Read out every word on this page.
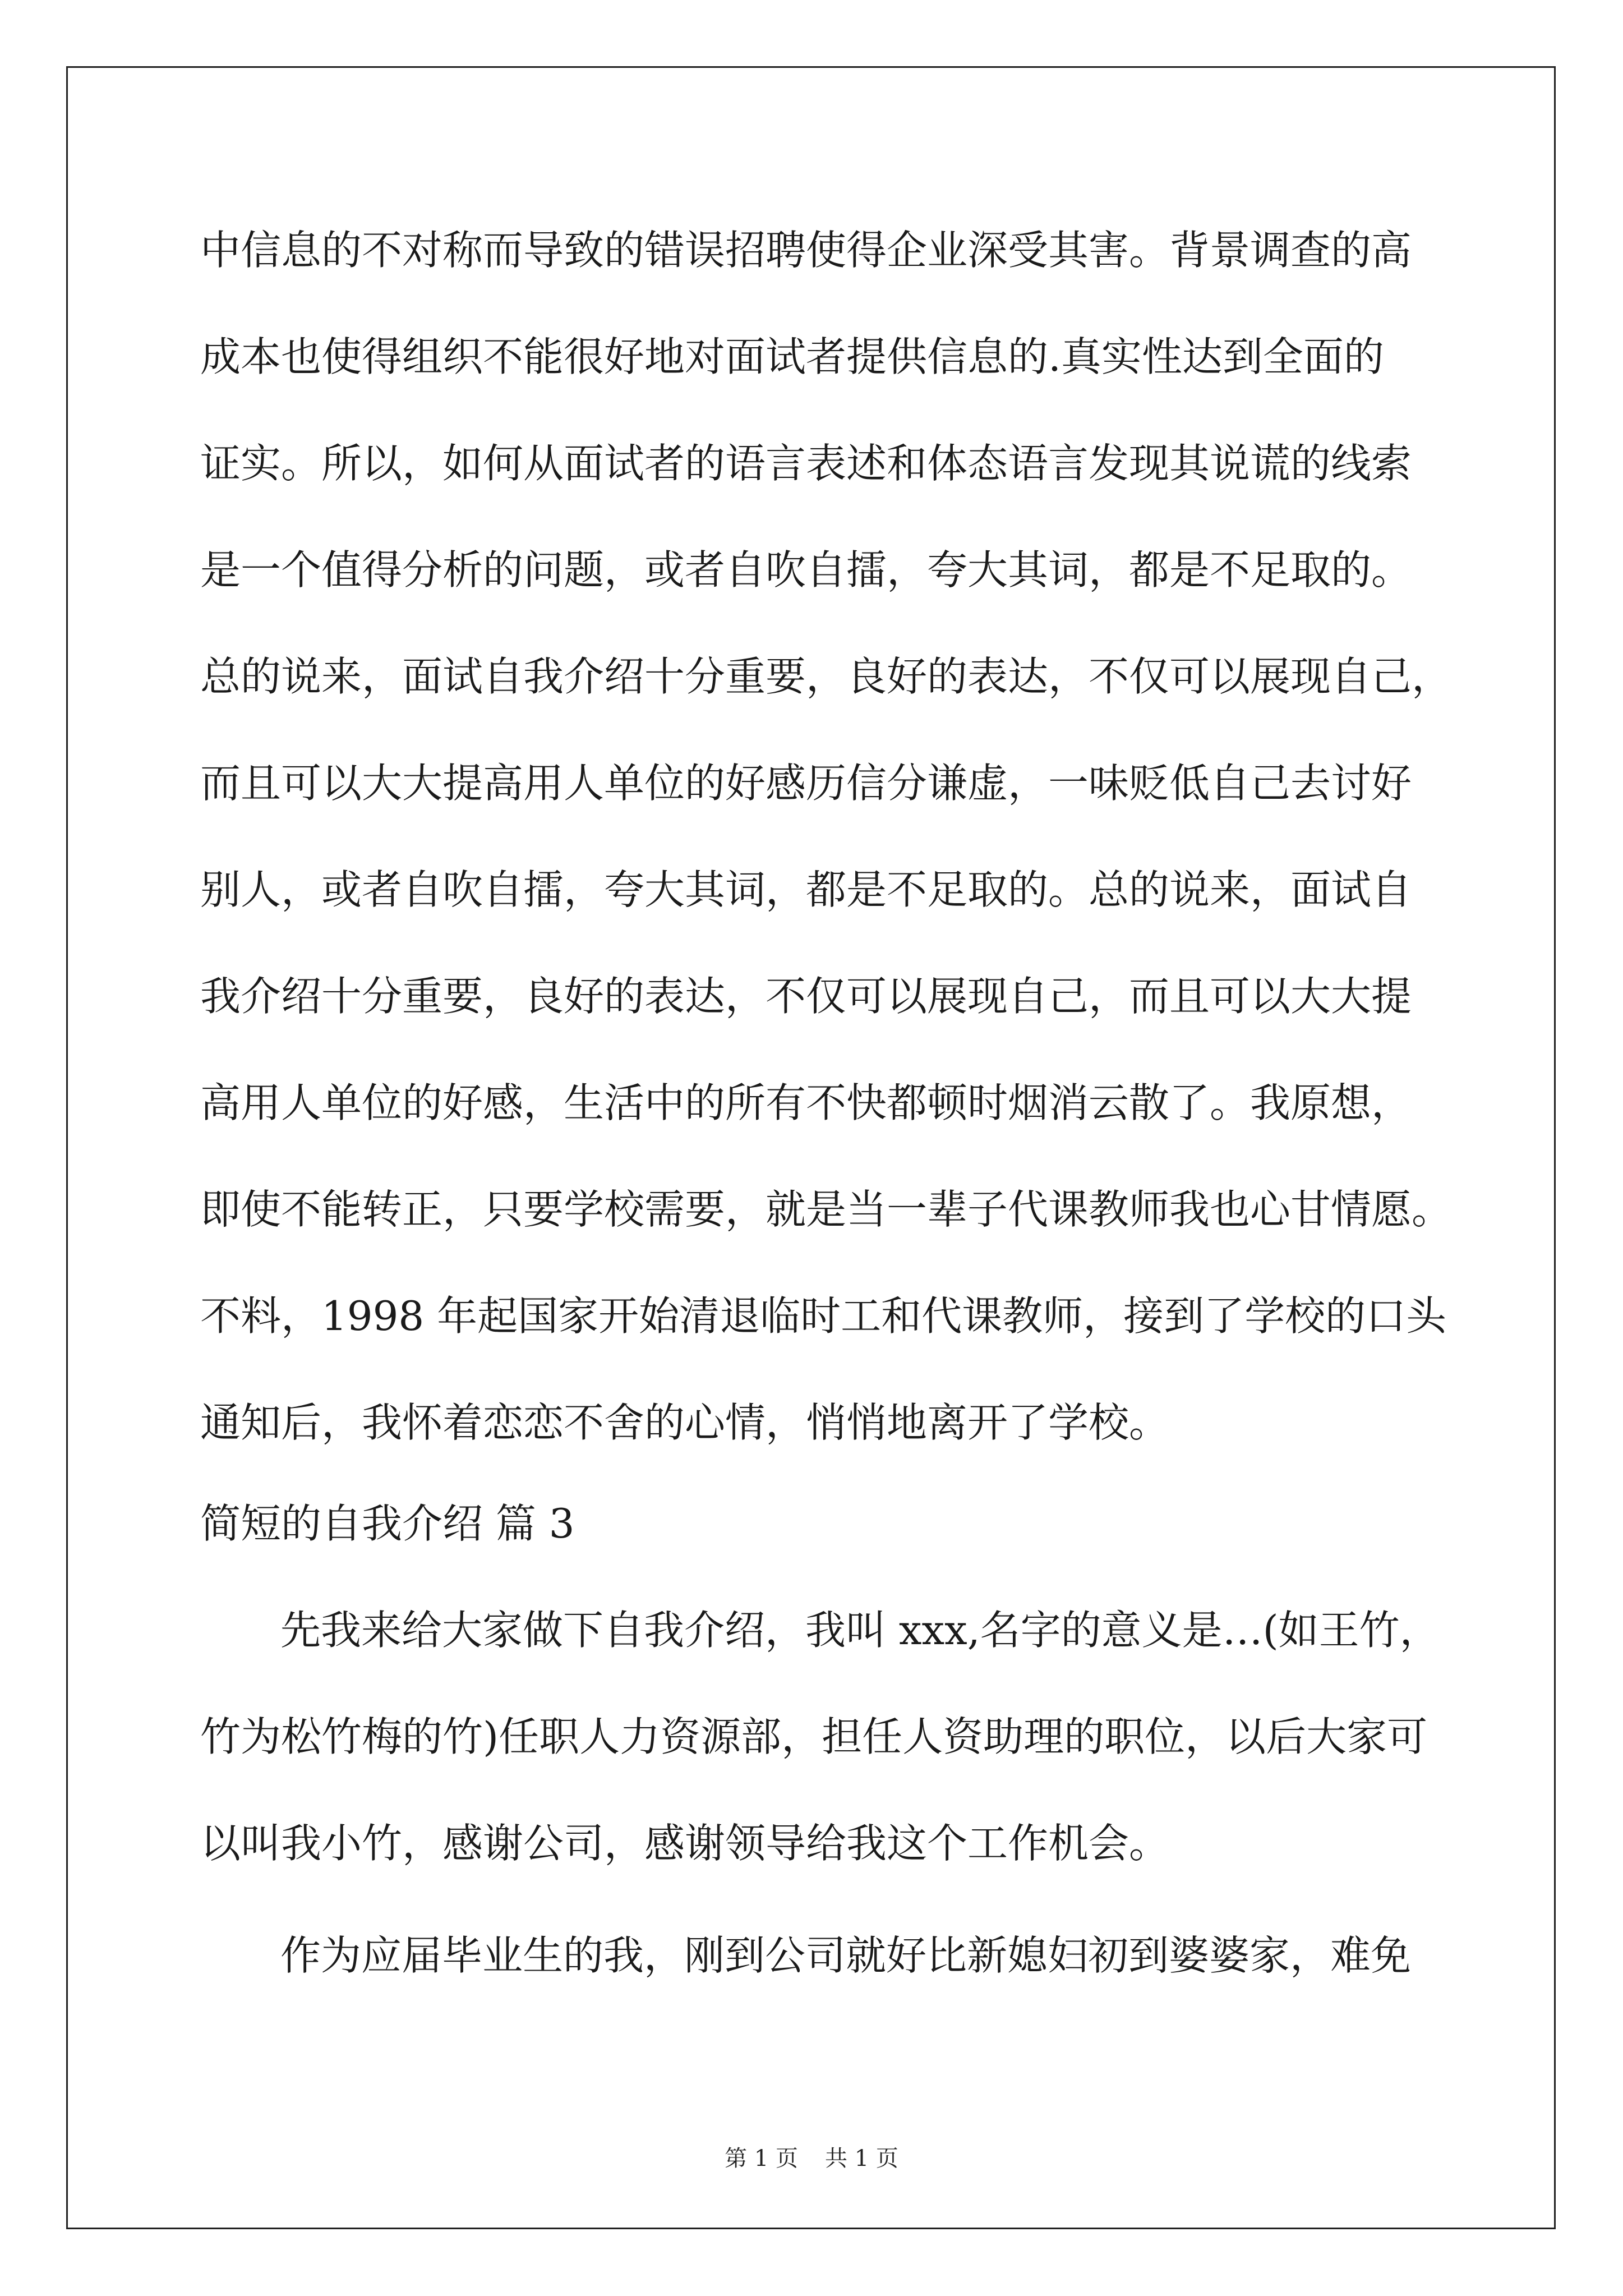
中信息的不对称而导致的错误招聘使得企业深受其害。背景调查的高
成本也使得组织不能很好地对面试者提供信息的.真实性达到全面的
证实。所以，如何从面试者的语言表述和体态语言发现其说谎的线索
是一个值得分析的问题，或者自吹自擂，夸大其词，都是不足取的。
总的说来，面试自我介绍十分重要，良好的表达，不仅可以展现自己，
而且可以大大提高用人单位的好感历信分谦虚，一味贬低自己去讨好
别人，或者自吹自擂，夸大其词，都是不足取的。总的说来，面试自
我介绍十分重要，良好的表达，不仅可以展现自己，而且可以大大提
高用人单位的好感，生活中的所有不快都顿时烟消云散了。我原想，
即使不能转正，只要学校需要，就是当一辈子代课教师我也心甘情愿。
不料，1998 年起国家开始清退临时工和代课教师，接到了学校的口头
通知后，我怀着恋恋不舍的心情，悄悄地离开了学校。
简短的自我介绍 篇 3
先我来给大家做下自我介绍，我叫 xxx,名字的意义是…(如王竹，
竹为松竹梅的竹)任职人力资源部，担任人资助理的职位，以后大家可
以叫我小竹，感谢公司，感谢领导给我这个工作机会。
作为应届毕业生的我，刚到公司就好比新媳妇初到婆婆家，难免
第 1 页 共 1 页
